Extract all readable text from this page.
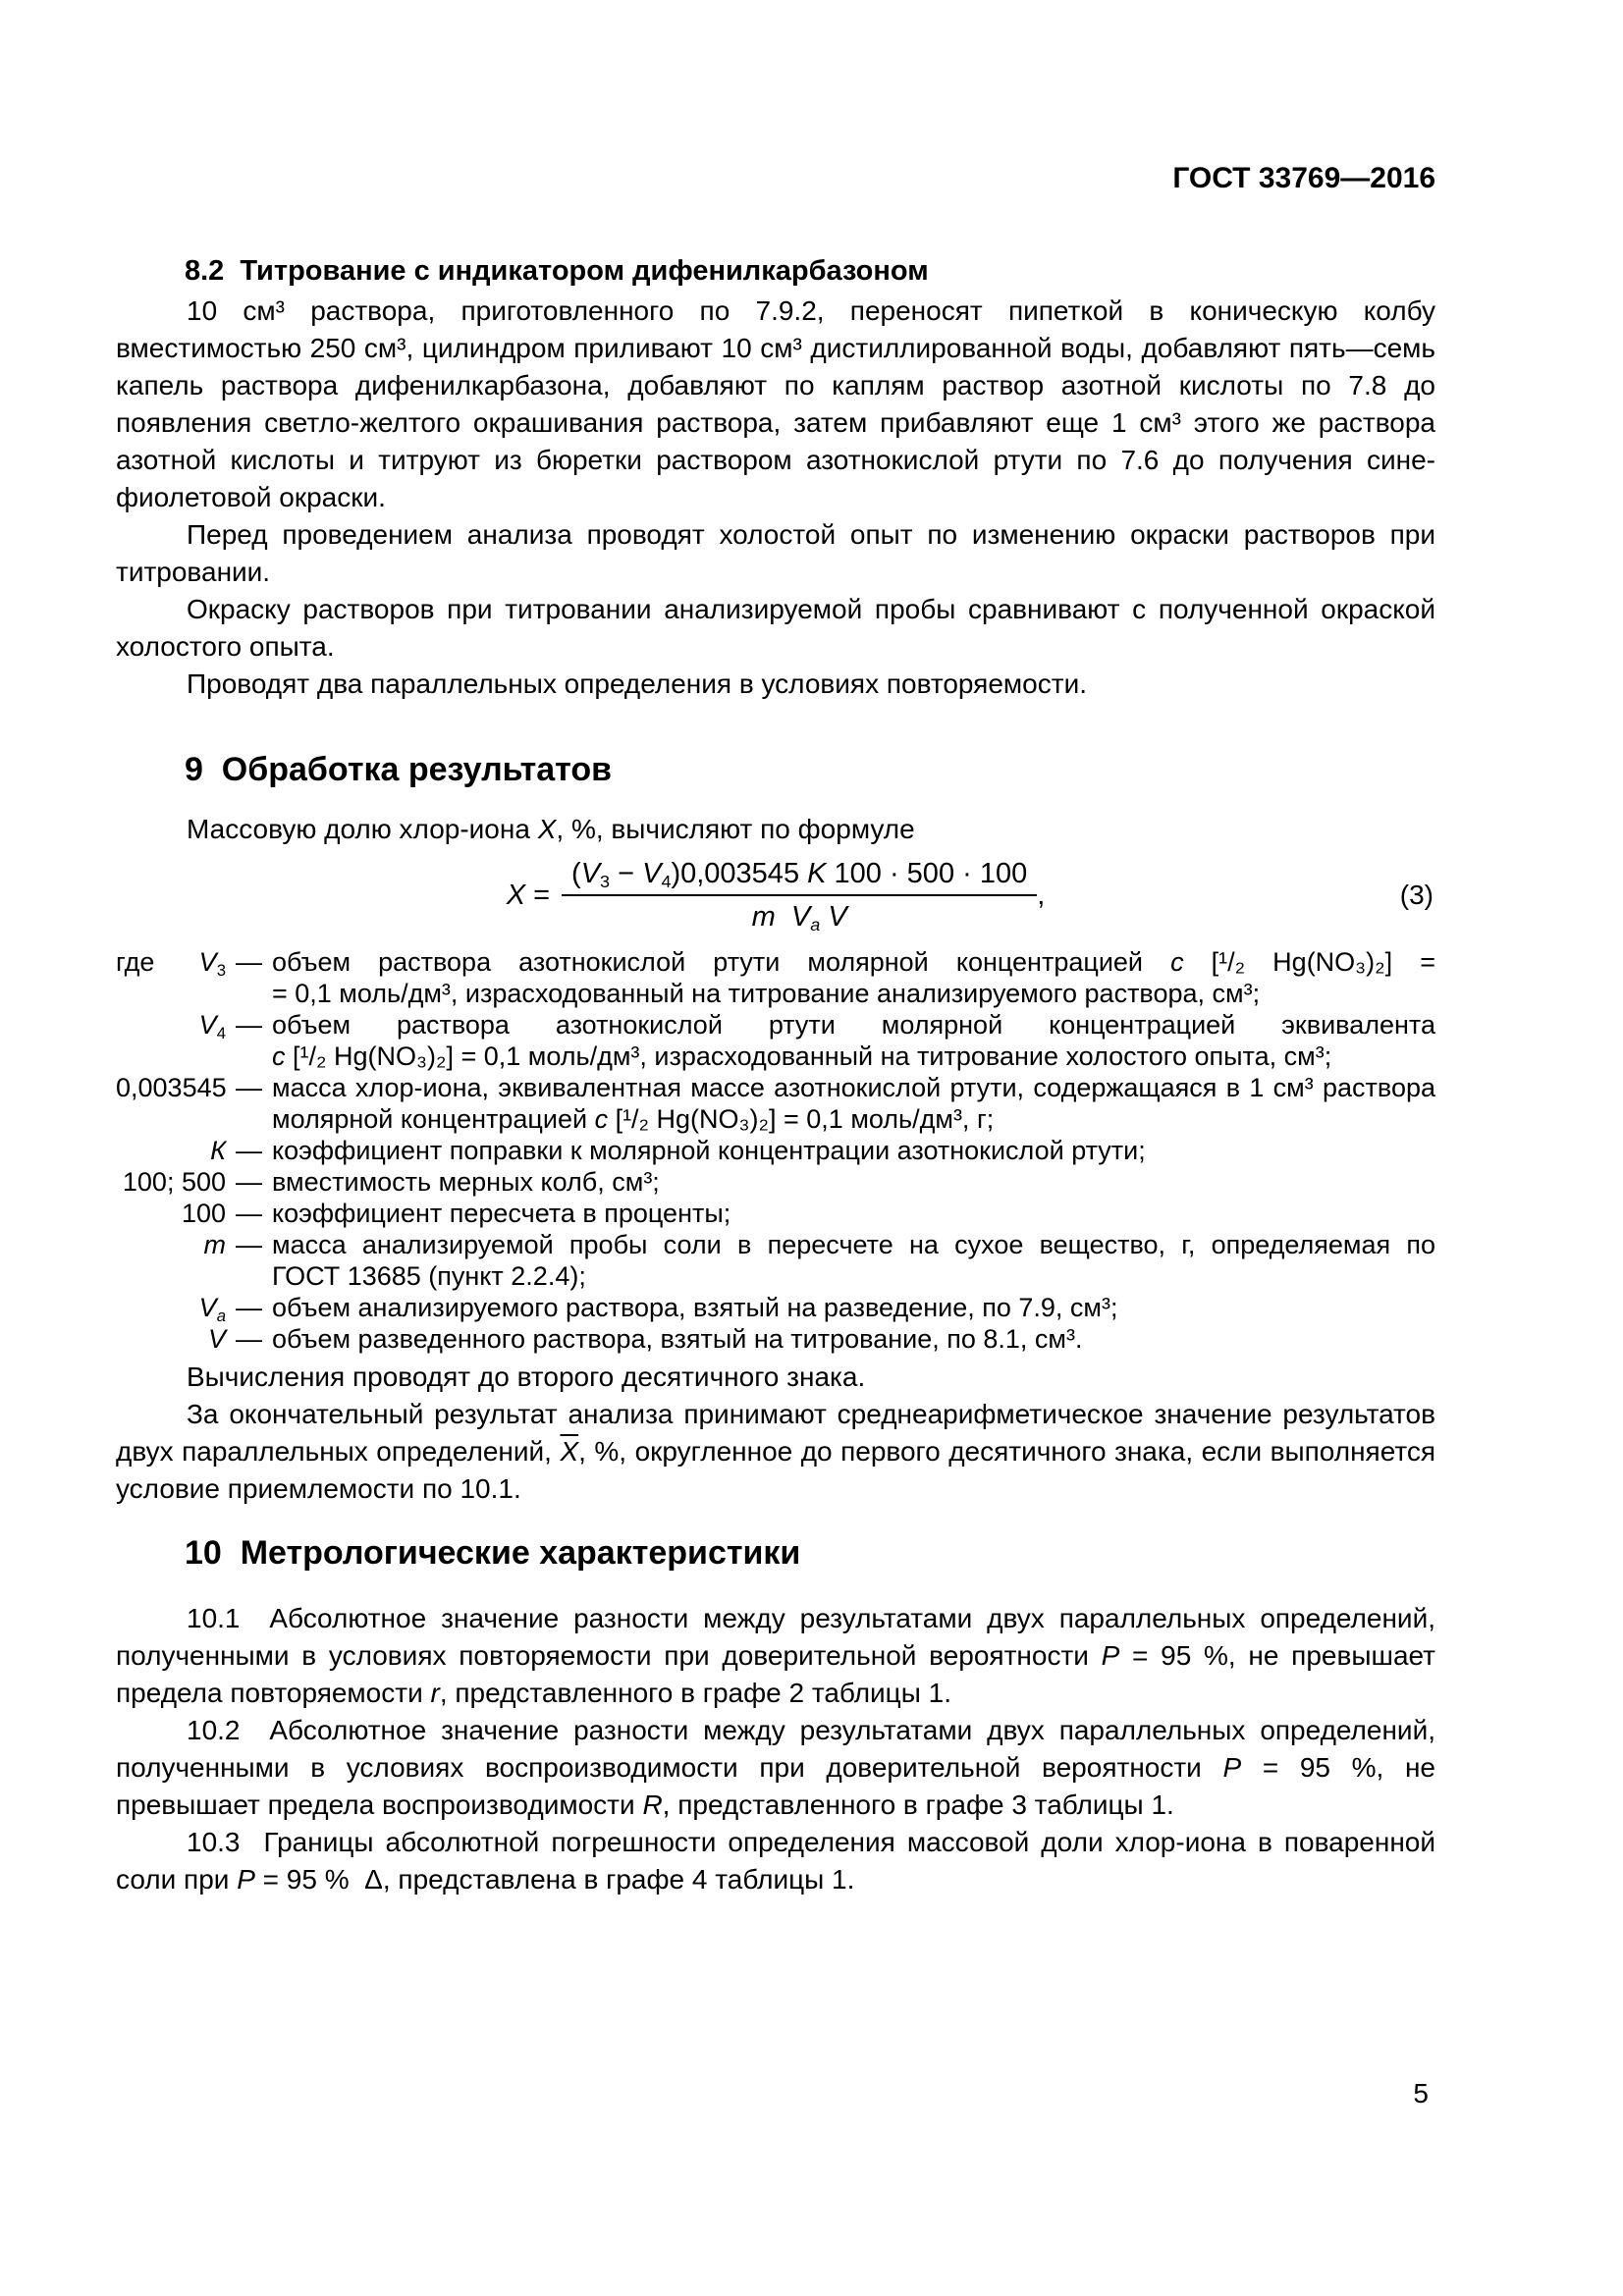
ГОСТ 33769—2016
8.2  Титрование с индикатором дифенилкарбазоном

10 см³ раствора, приготовленного по 7.9.2, переносят пипеткой в коническую колбу вместимостью 250 см³, цилиндром приливают 10 см³ дистиллированной воды, добавляют пять—семь капель раствора дифенилкарбазона, добавляют по каплям раствор азотной кислоты по 7.8 до появления светло-желтого окрашивания раствора, затем прибавляют еще 1 см³ этого же раствора азотной кислоты и титруют из бюретки раствором азотнокислой ртути по 7.6 до получения сине-фиолетовой окраски.

Перед проведением анализа проводят холостой опыт по изменению окраски растворов при титровании.

Окраску растворов при титровании анализируемой пробы сравнивают с полученной окраской холостого опыта.

Проводят два параллельных определения в условиях повторяемости.

9  Обработка результатов

Массовую долю хлор-иона X, %, вычисляют по формуле

$X = \frac{(V3 - V4)0,003545 K 100 \cdot 500 \cdot 100}{\text{m Va V}}$ ,	(3)
где	V3 — объем раствора азотнокислой ртути молярной концентрацией c [¹/₂ Hg(NO₃)₂] =
= 0,1 моль/дм³, израсходованный на титрование анализируемого раствора, см³;
V4 — объем раствора азотнокислой ртути молярной концентрацией эквивалента
c [¹/₂ Hg(NO₃)₂] = 0,1 моль/дм³, израсходованный на титрование холостого опыта, см³;
0,003545 — масса хлор-иона, эквивалентная массе азотнокислой ртути, содержащаяся в 1 см³ раствора
молярной концентрацией c [¹/₂ Hg(NO₃)₂] = 0,1 моль/дм³, г;
К — коэффициент поправки к молярной концентрации азотнокислой ртути;
100; 500 — вместимость мерных колб, см³;
100 — коэффициент пересчета в проценты;
m — масса анализируемой пробы соли в пересчете на сухое вещество, г, определяемая по
ГОСТ 13685 (пункт 2.2.4);
Va — объем анализируемого раствора, взятый на разведение, по 7.9, см³;
V — объем разведенного раствора, взятый на титрование, по 8.1, см³.

Вычисления проводят до второго десятичного знака.

За окончательный результат анализа принимают среднеарифметическое значение результатов двух параллельных определений, $\overline{X}$, %, округленное до первого десятичного знака, если выполняется условие приемлемости по 10.1.

10  Метрологические характеристики

10.1  Абсолютное значение разности между результатами двух параллельных определений, полученными в условиях повторяемости при доверительной вероятности P = 95 %, не превышает предела повторяемости r, представленного в графе 2 таблицы 1.

10.2  Абсолютное значение разности между результатами двух параллельных определений, полученными в условиях воспроизводимости при доверительной вероятности P = 95 %, не превышает предела воспроизводимости R, представленного в графе 3 таблицы 1.

10.3  Границы абсолютной погрешности определения массовой доли хлор-иона в поваренной соли при P = 95 %  Δ, представлена в графе 4 таблицы 1.

5
